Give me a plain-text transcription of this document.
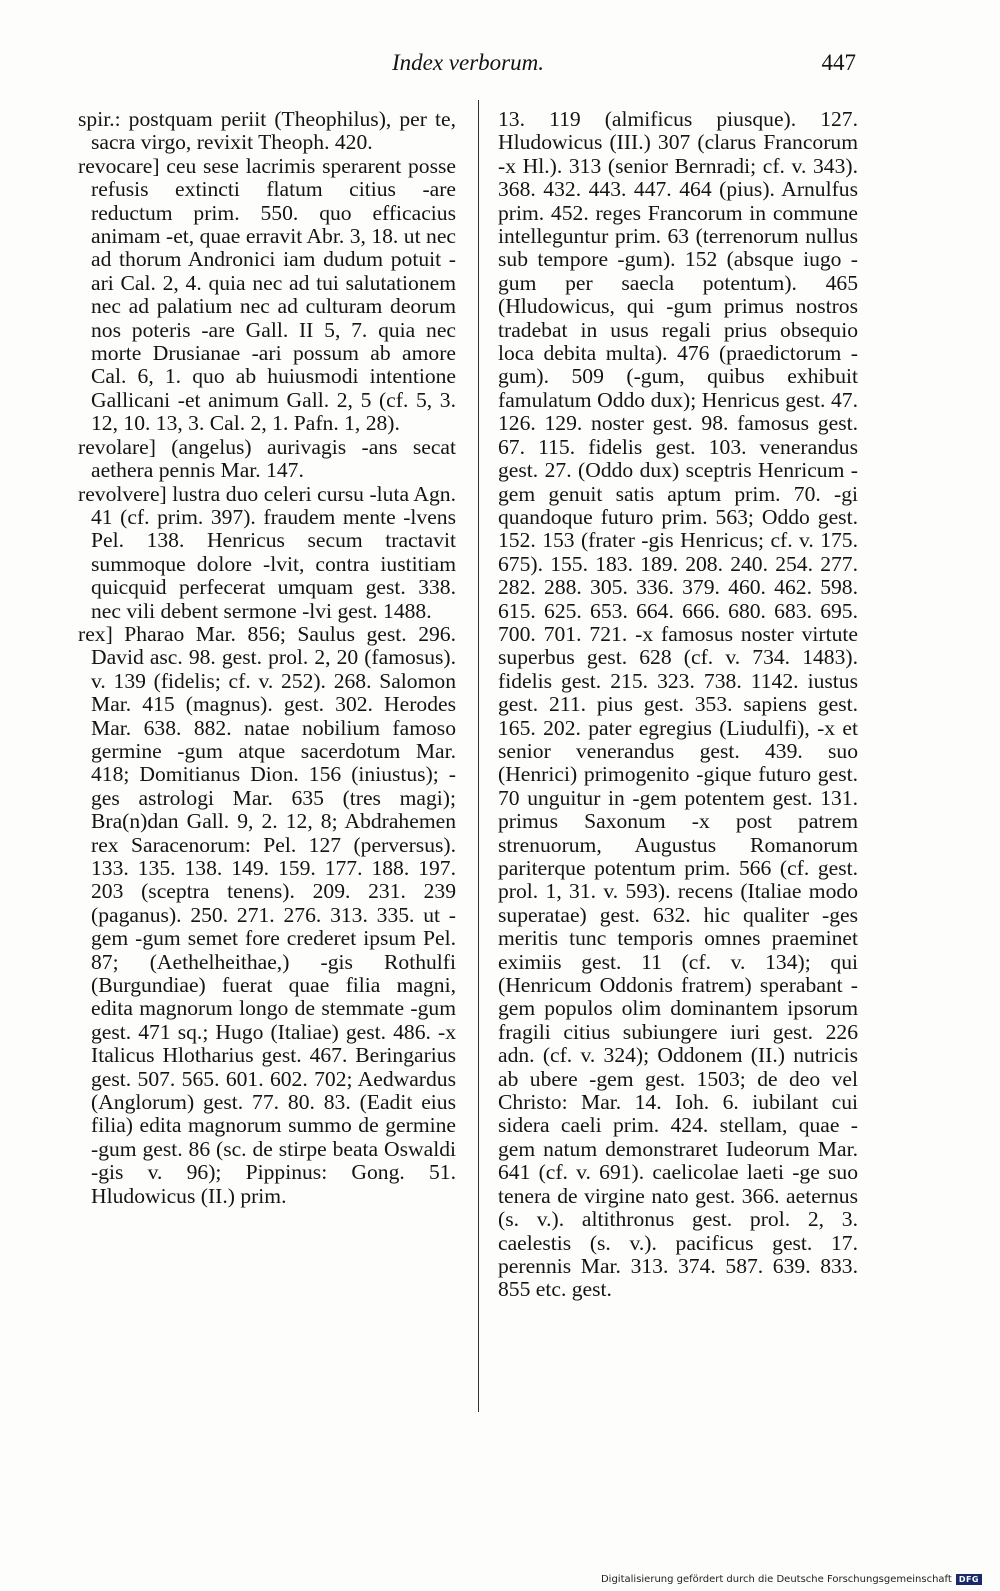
Index verborum.	447

spir.: postquam periit (Theophilus), per te, sacra virgo, revixit Theoph. 420.

revocare] ceu sese lacrimis sperarent posse refusis extincti flatum citius -are reductum prim. 550. quo efficacius animam -et, quae erravit Abr. 3, 18. ut nec ad thorum Andronici iam dudum potuit -ari Cal. 2, 4. quia nec ad tui salutationem nec ad palatium nec ad culturam deorum nos poteris -are Gall. II 5, 7. quia nec morte Drusianae -ari possum ab amore Cal. 6, 1. quo ab huiusmodi intentione Gallicani -et animum Gall. 2, 5 (cf. 5, 3. 12, 10. 13, 3. Cal. 2, 1. Pafn. 1, 28).

revolare] (angelus) aurivagis -ans secat aethera pennis Mar. 147.

revolvere] lustra duo celeri cursu -luta Agn. 41 (cf. prim. 397). fraudem mente -lvens Pel. 138. Henricus secum tractavit summoque dolore -lvit, contra iustitiam quicquid perfecerat umquam gest. 338. nec vili debent sermone -lvi gest. 1488.

rex] Pharao Mar. 856; Saulus gest. 296. David asc. 98. gest. prol. 2, 20 (famosus). v. 139 (fidelis; cf. v. 252). 268. Salomon Mar. 415 (magnus). gest. 302. Herodes Mar. 638. 882. natae nobilium famoso germine -gum atque sacerdotum Mar. 418; Domitianus Dion. 156 (iniustus); -ges astrologi Mar. 635 (tres magi); Bra(n)dan Gall. 9, 2. 12, 8; Abdrahemen rex Saracenorum: Pel. 127 (perversus). 133. 135. 138. 149. 159. 177. 188. 197. 203 (sceptra tenens). 209. 231. 239 (paganus). 250. 271. 276. 313. 335. ut -gem -gum semet fore crederet ipsum Pel. 87; (Aethelheithae,) -gis Rothulfi (Burgundiae) fuerat quae filia magni, edita magnorum longo de stemmate -gum gest. 471 sq.; Hugo (Italiae) gest. 486. -x Italicus Hlotharius gest. 467. Beringarius gest. 507. 565. 601. 602. 702; Aedwardus (Anglorum) gest. 77. 80. 83. (Eadit eius filia) edita magnorum summo de germine -gum gest. 86 (sc. de stirpe beata Oswaldi -gis v. 96); Pippinus: Gong. 51. Hludowicus (II.) prim.

13. 119 (almificus piusque). 127. Hludowicus (III.) 307 (clarus Francorum -x Hl.). 313 (senior Bernradi; cf. v. 343). 368. 432. 443. 447. 464 (pius). Arnulfus prim. 452. reges Francorum in commune intelleguntur prim. 63 (terrenorum nullus sub tempore -gum). 152 (absque iugo -gum per saecla potentum). 465 (Hludowicus, qui -gum primus nostros tradebat in usus regali prius obsequio loca debita multa). 476 (praedictorum -gum). 509 (-gum, quibus exhibuit famulatum Oddo dux); Henricus gest. 47. 126. 129. noster gest. 98. famosus gest. 67. 115. fidelis gest. 103. venerandus gest. 27. (Oddo dux) sceptris Henricum -gem genuit satis aptum prim. 70. -gi quandoque futuro prim. 563; Oddo gest. 152. 153 (frater -gis Henricus; cf. v. 175. 675). 155. 183. 189. 208. 240. 254. 277. 282. 288. 305. 336. 379. 460. 462. 598. 615. 625. 653. 664. 666. 680. 683. 695. 700. 701. 721. -x famosus noster virtute superbus gest. 628 (cf. v. 734. 1483). fidelis gest. 215. 323. 738. 1142. iustus gest. 211. pius gest. 353. sapiens gest. 165. 202. pater egregius (Liudulfi), -x et senior venerandus gest. 439. suo (Henrici) primogenito -gique futuro gest. 70 unguitur in -gem potentem gest. 131. primus Saxonum -x post patrem strenuorum, Augustus Romanorum pariterque potentum prim. 566 (cf. gest. prol. 1, 31. v. 593). recens (Italiae modo superatae) gest. 632. hic qualiter -ges meritis tunc temporis omnes praeminet eximiis gest. 11 (cf. v. 134); qui (Henricum Oddonis fratrem) sperabant -gem populos olim dominantem ipsorum fragili citius subiungere iuri gest. 226 adn. (cf. v. 324); Oddonem (II.) nutricis ab ubere -gem gest. 1503; de deo vel Christo: Mar. 14. Ioh. 6. iubilant cui sidera caeli prim. 424. stellam, quae -gem natum demonstraret Iudeorum Mar. 641 (cf. v. 691). caelicolae laeti -ge suo tenera de virgine nato gest. 366. aeternus (s. v.). altithronus gest. prol. 2, 3. caelestis (s. v.). pacificus gest. 17. perennis Mar. 313. 374. 587. 639. 833. 855 etc. gest.

Digitalisierung gefördert durch die Deutsche Forschungsgemeinschaft DFG
